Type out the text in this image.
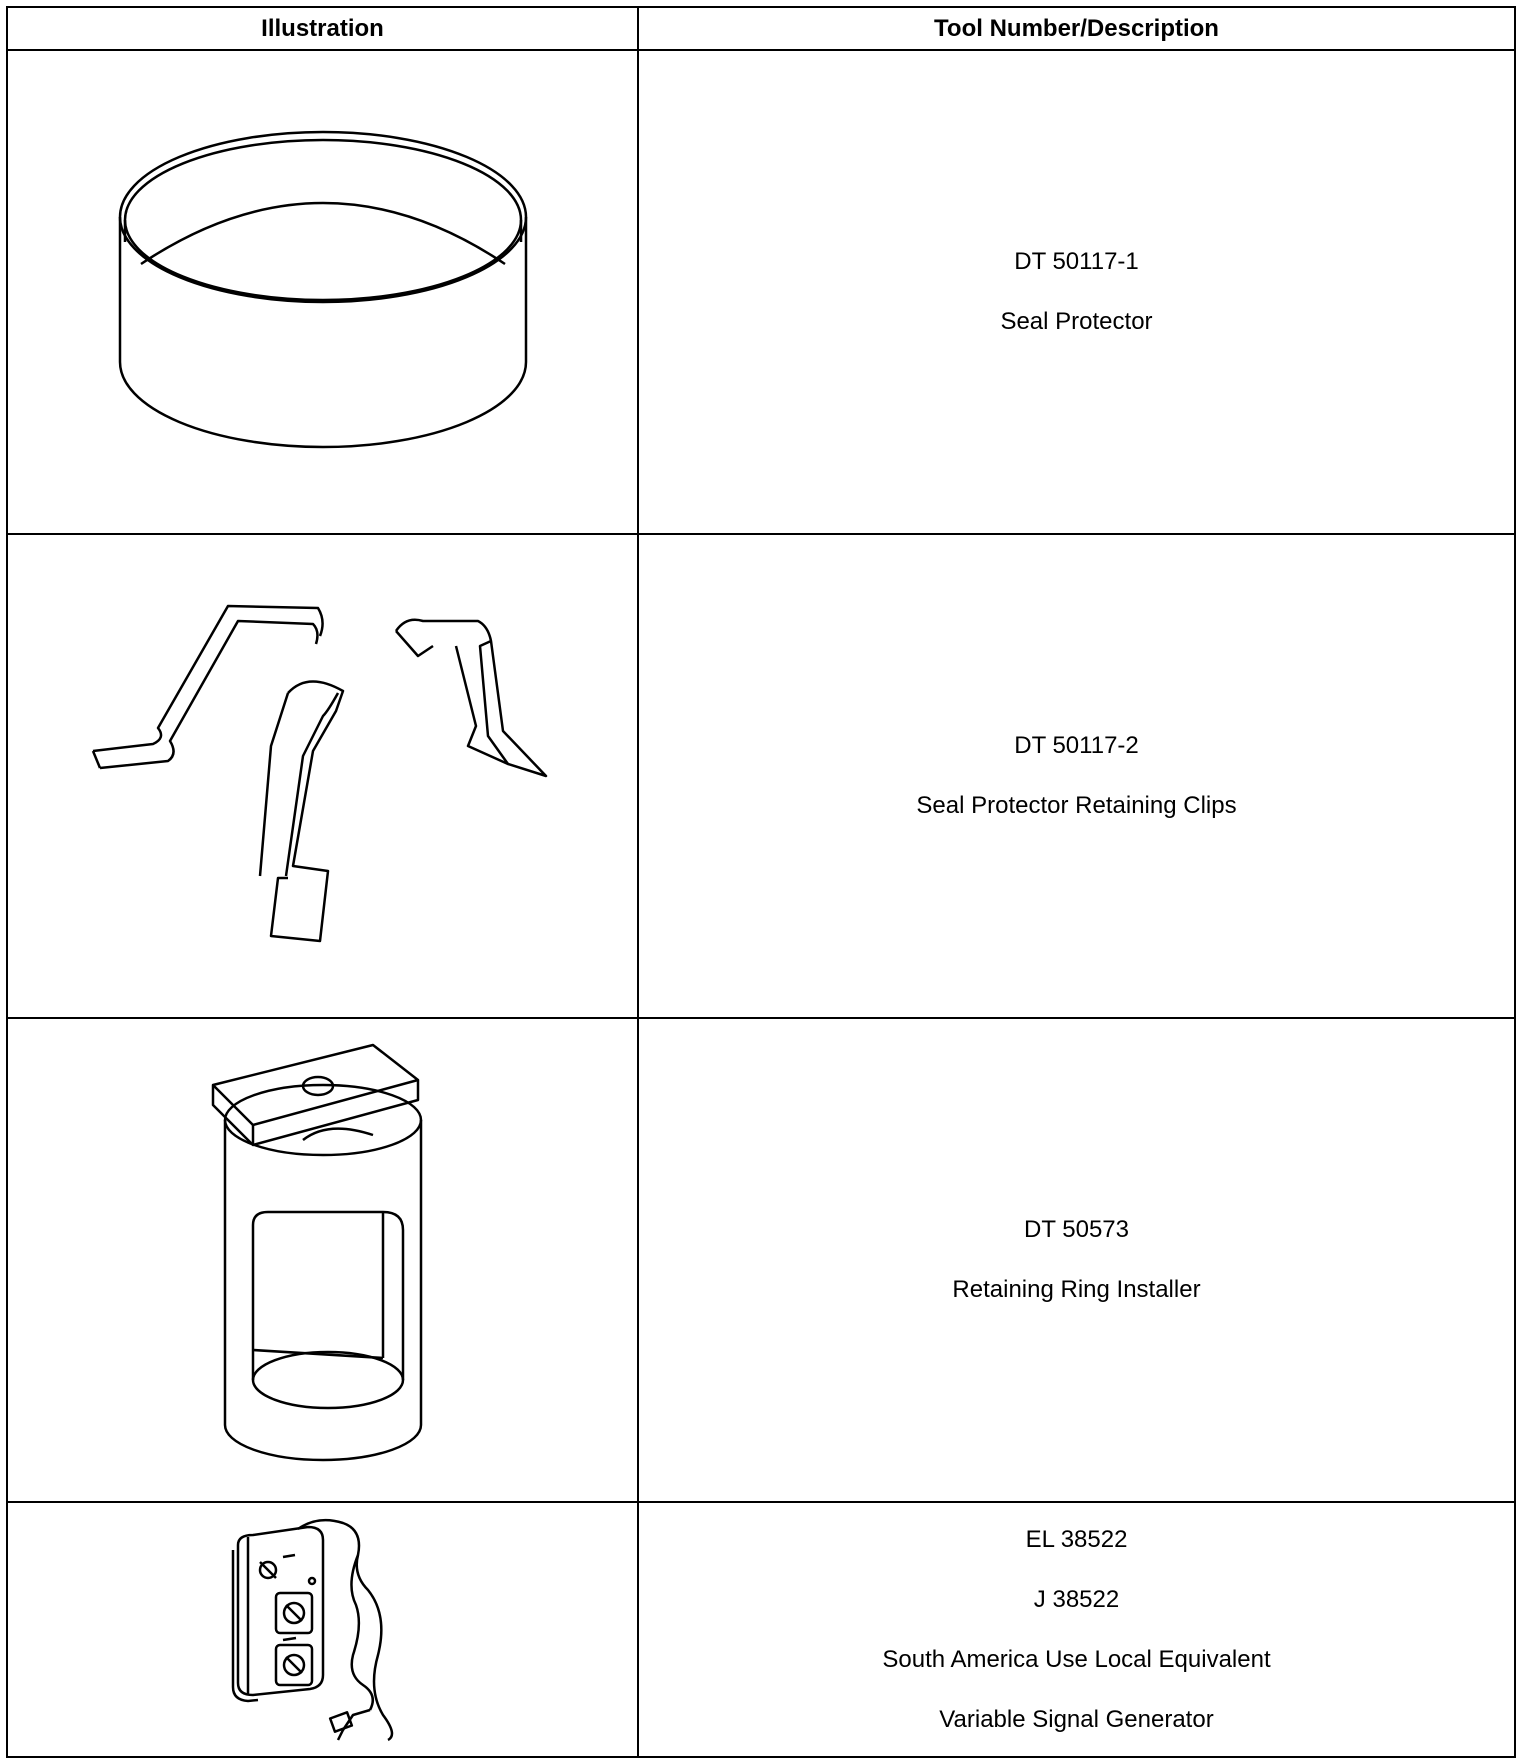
Illustration	Tool Number/Description

DT 50117-1
Seal Protector

DT 50117-2
Seal Protector Retaining Clips

DT 50573
Retaining Ring Installer

EL 38522
J 38522
South America Use Local Equivalent
Variable Signal Generator
